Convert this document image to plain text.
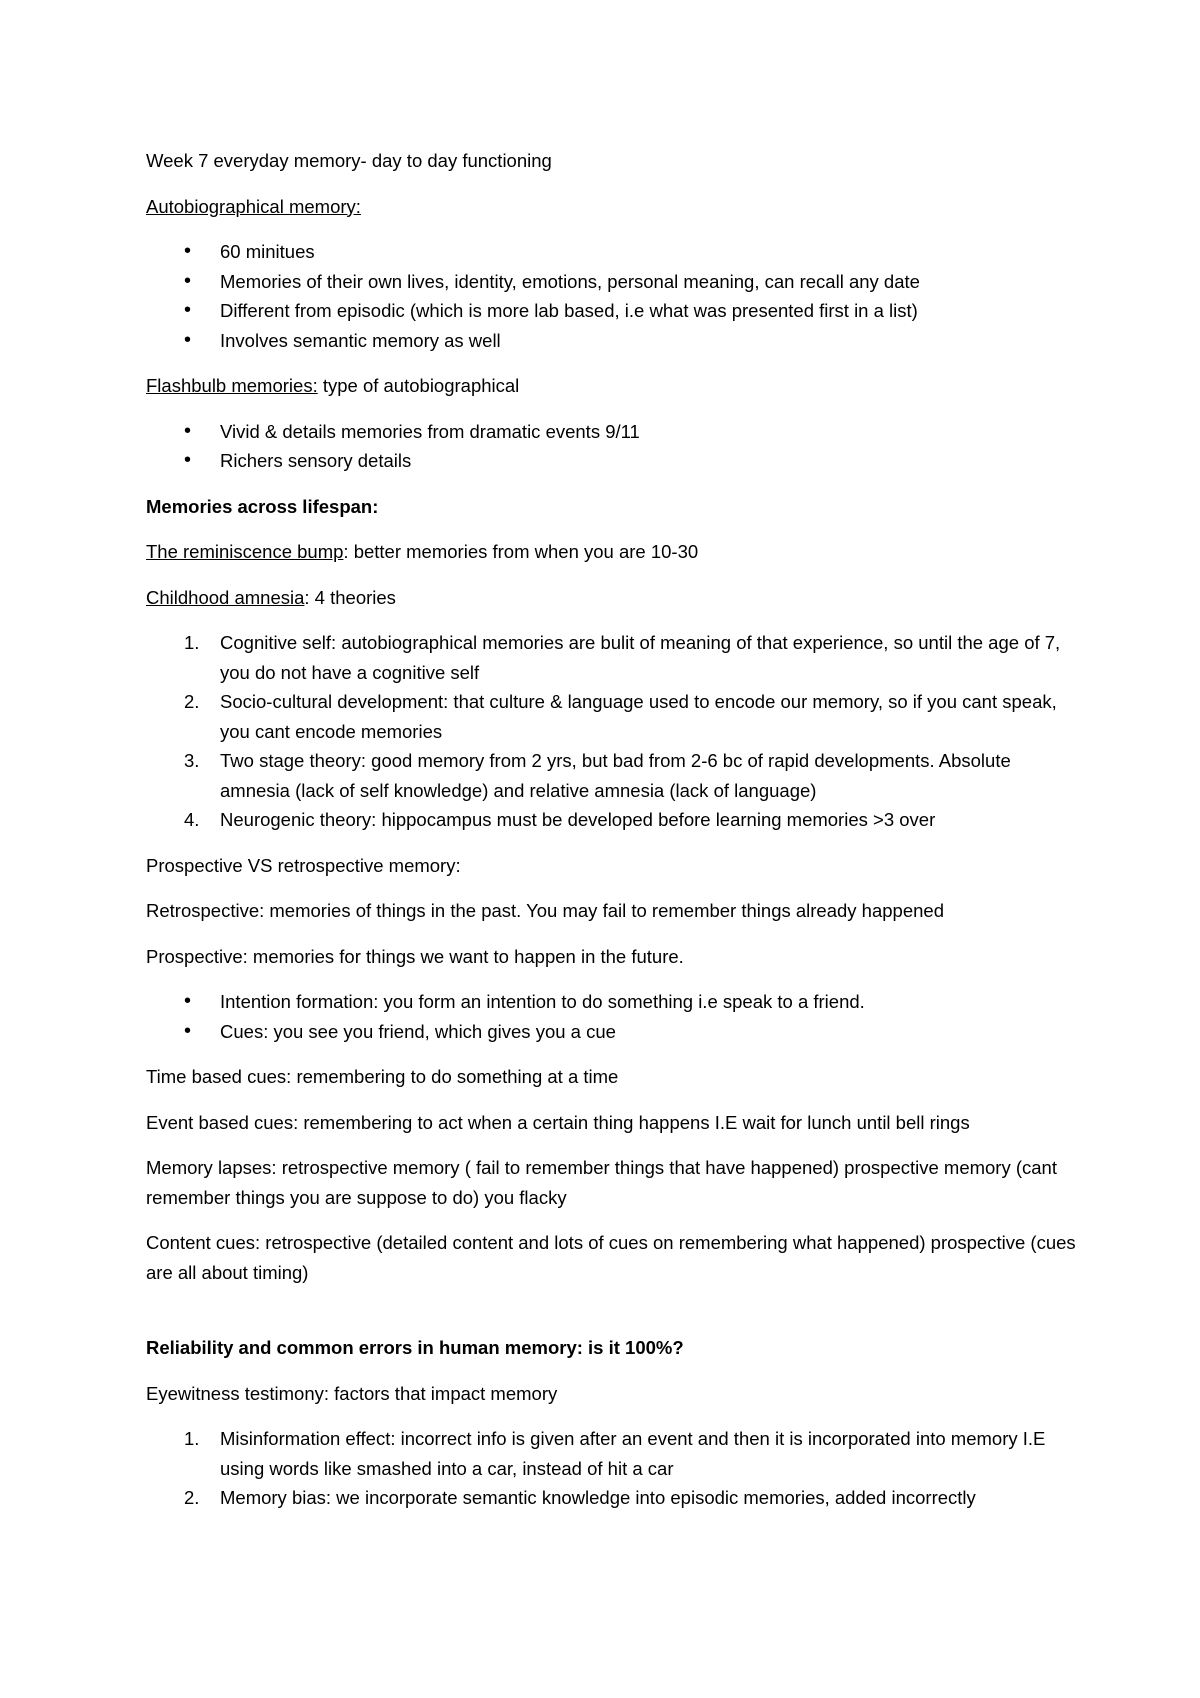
Week 7 everyday memory- day to day functioning

Autobiographical memory:

• 60 minitues
• Memories of their own lives, identity, emotions, personal meaning, can recall any date
• Different from episodic (which is more lab based, i.e what was presented first in a list)
• Involves semantic memory as well

Flashbulb memories: type of autobiographical

• Vivid & details memories from dramatic events 9/11
• Richers sensory details

Memories across lifespan:

The reminiscence bump: better memories from when you are 10-30

Childhood amnesia: 4 theories

1. Cognitive self: autobiographical memories are bulit of meaning of that experience, so until the age of 7, you do not have a cognitive self
2. Socio-cultural development: that culture & language used to encode our memory, so if you cant speak, you cant encode memories
3. Two stage theory: good memory from 2 yrs, but bad from 2-6 bc of rapid developments. Absolute amnesia (lack of self knowledge) and relative amnesia (lack of language)
4. Neurogenic theory: hippocampus must be developed before learning memories >3 over

Prospective VS retrospective memory:

Retrospective: memories of things in the past. You may fail to remember things already happened

Prospective: memories for things we want to happen in the future.

• Intention formation: you form an intention to do something i.e speak to a friend.
• Cues: you see you friend, which gives you a cue

Time based cues: remembering to do something at a time

Event based cues: remembering to act when a certain thing happens I.E wait for lunch until bell rings

Memory lapses: retrospective memory ( fail to remember things that have happened) prospective memory (cant remember things you are suppose to do) you flacky

Content cues: retrospective (detailed content and lots of cues on remembering what happened) prospective (cues are all about timing)

Reliability and common errors in human memory: is it 100%?

Eyewitness testimony: factors that impact memory

1. Misinformation effect: incorrect info is given after an event and then it is incorporated into memory I.E using words like smashed into a car, instead of hit a car
2. Memory bias: we incorporate semantic knowledge into episodic memories, added incorrectly
